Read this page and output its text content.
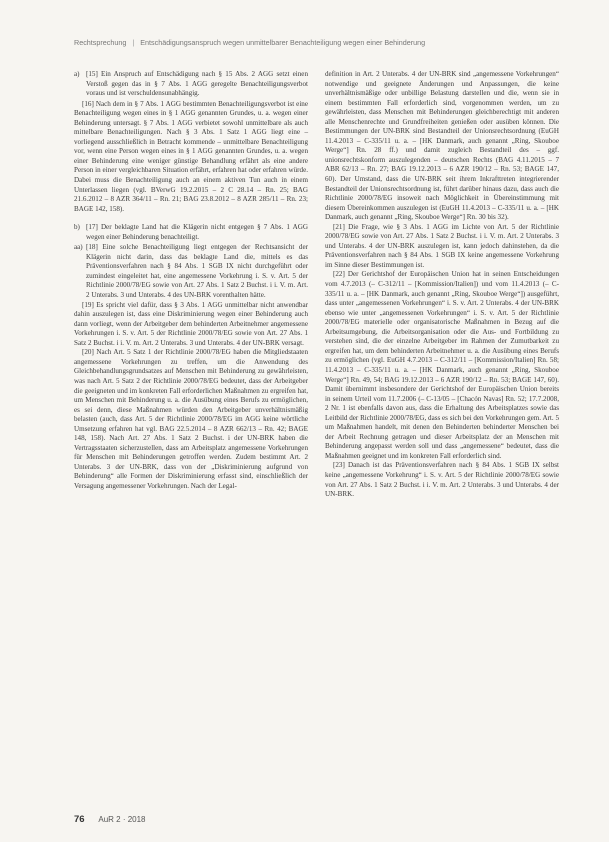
Rechtsprechung | Entschädigungsanspruch wegen unmittelbarer Benachteiligung wegen einer Behinderung

a) [15] Ein Anspruch auf Entschädigung nach § 15 Abs. 2 AGG setzt einen Verstoß gegen das in § 7 Abs. 1 AGG geregelte Benachteiligungsverbot voraus und ist verschuldensunabhängig.

[16] Nach dem in § 7 Abs. 1 AGG bestimmten Benachteiligungsverbot ist eine Benachteiligung wegen eines in § 1 AGG genannten Grundes, u. a. wegen einer Behinderung untersagt. § 7 Abs. 1 AGG verbietet sowohl unmittelbare als auch mittelbare Benachteiligungen. Nach § 3 Abs. 1 Satz 1 AGG liegt eine – vorliegend ausschließlich in Betracht kommende – unmittelbare Benachteiligung vor, wenn eine Person wegen eines in § 1 AGG genannten Grundes, u. a. wegen einer Behinderung eine weniger günstige Behandlung erfährt als eine andere Person in einer vergleichbaren Situation erfährt, erfahren hat oder erfahren würde. Dabei muss die Benachteiligung auch an einem aktiven Tun auch in einem Unterlassen liegen (vgl. BVerwG 19.2.2015 – 2 C 28.14 – Rn. 25; BAG 21.6.2012 – 8 AZR 364/11 – Rn. 21; BAG 23.8.2012 – 8 AZR 285/11 – Rn. 23; BAGE 142, 158).

b) [17] Der beklagte Land hat die Klägerin nicht entgegen § 7 Abs. 1 AGG wegen einer Behinderung benachteiligt.

aa) [18] Eine solche Benachteiligung liegt entgegen der Rechtsansicht der Klägerin nicht darin, dass das beklagte Land die, mittels es das Präventionsverfahren nach § 84 Abs. 1 SGB IX nicht durchgeführt oder zumindest eingeleitet hat, eine angemessene Vorkehrung i. S. v. Art. 5 der Richtlinie 2000/78/EG sowie von Art. 27 Abs. 1 Satz 2 Buchst. i i. V. m. Art. 2 Unterabs. 3 und Unterabs. 4 des UN-BRK vorenthalten hätte.

[19] Es spricht viel dafür, dass § 3 Abs. 1 AGG unmittelbar nicht anwendbar dahin auszulegen ist, dass eine Diskriminierung wegen einer Behinderung auch dann vorliegt, wenn der Arbeitgeber dem behinderten Arbeitnehmer angemessene Vorkehrungen i. S. v. Art. 5 der Richtlinie 2000/78/EG sowie von Art. 27 Abs. 1 Satz 2 Buchst. i i. V. m. Art. 2 Unterabs. 3 und Unterabs. 4 der UN-BRK versagt.

[20] Nach Art. 5 Satz 1 der Richtlinie 2000/78/EG haben die Mitgliedstaaten angemessene Vorkehrungen zu treffen, um die Anwendung des Gleichbehandlungsgrundsatzes auf Menschen mit Behinderung zu gewährleisten, was nach Art. 5 Satz 2 der Richtlinie 2000/78/EG bedeutet, dass der Arbeitgeber die geeigneten und im konkreten Fall erforderlichen Maßnahmen zu ergreifen hat, um Menschen mit Behinderung u. a. die Ausübung eines Berufs zu ermöglichen, es sei denn, diese Maßnahmen würden den Arbeitgeber unverhältnismäßig belasten (auch, dass Art. 5 der Richtlinie 2000/78/EG im AGG keine wörtliche Umsetzung erfahren hat vgl. BAG 22.5.2014 – 8 AZR 662/13 – Rn. 42; BAGE 148, 158). Nach Art. 27 Abs. 1 Satz 2 Buchst. i der UN-BRK haben die Vertragsstaaten sicherzustellen, dass am Arbeitsplatz angemessene Vorkehrungen für Menschen mit Behinderungen getroffen werden. Zudem bestimmt Art. 2 Unterabs. 3 der UN-BRK, dass von der „Diskriminierung aufgrund von Behinderung“ alle Formen der Diskriminierung erfasst sind, einschließlich der Versagung angemessener Vorkehrungen. Nach der Legal-

definition in Art. 2 Unterabs. 4 der UN-BRK sind „angemessene Vorkehrungen“ notwendige und geeignete Änderungen und Anpassungen, die keine unverhältnismäßige oder unbillige Belastung darstellen und die, wenn sie in einem bestimmten Fall erforderlich sind, vorgenommen werden, um zu gewährleisten, dass Menschen mit Behinderungen gleichberechtigt mit anderen alle Menschenrechte und Grundfreiheiten genießen oder ausüben können. Die Bestimmungen der UN-BRK sind Bestandteil der Unionsrechtsordnung (EuGH 11.4.2013 – C-335/11 u. a. – [HK Danmark, auch genannt „Ring, Skouboe Werge“] Rn. 28 ff.) und damit zugleich Bestandteil des – ggf. unionsrechtskonform auszulegenden – deutschen Rechts (BAG 4.11.2015 – 7 ABR 62/13 – Rn. 27; BAG 19.12.2013 – 6 AZR 190/12 – Rn. 53; BAGE 147, 60). Der Umstand, dass die UN-BRK seit ihrem Inkrafttreten integrierender Bestandteil der Unionsrechtsordnung ist, führt darüber hinaus dazu, dass auch die Richtlinie 2000/78/EG insoweit nach Möglichkeit in Übereinstimmung mit diesem Übereinkommen auszulegen ist (EuGH 11.4.2013 – C-335/11 u. a. – [HK Danmark, auch genannt „Ring, Skouboe Werge“] Rn. 30 bis 32).

[21] Die Frage, wie § 3 Abs. 1 AGG im Lichte von Art. 5 der Richtlinie 2000/78/EG sowie von Art. 27 Abs. 1 Satz 2 Buchst. i i. V. m. Art. 2 Unterabs. 3 und Unterabs. 4 der UN-BRK auszulegen ist, kann jedoch dahinstehen, da die Präventionsverfahren nach § 84 Abs. 1 SGB IX keine angemessene Vorkehrung im Sinne dieser Bestimmungen ist.

[22] Der Gerichtshof der Europäischen Union hat in seinen Entscheidungen vom 4.7.2013 (– C-312/11 – [Kommission/Italien]) und vom 11.4.2013 (– C-335/11 u. a. – [HK Danmark, auch genannt „Ring, Skouboe Werge“]) ausgeführt, dass unter „angemessenen Vorkehrungen“ i. S. v. Art. 2 Unterabs. 4 der UN-BRK ebenso wie unter „angemessenen Vorkehrungen“ i. S. v. Art. 5 der Richtlinie 2000/78/EG materielle oder organisatorische Maßnahmen in Bezug auf die Arbeitsumgebung, die Arbeitsorganisation oder die Aus- und Fortbildung zu verstehen sind, die der einzelne Arbeitgeber im Rahmen der Zumutbarkeit zu ergreifen hat, um dem behinderten Arbeitnehmer u. a. die Ausübung eines Berufs zu ermöglichen (vgl. EuGH 4.7.2013 – C-312/11 – [Kommission/Italien] Rn. 58; 11.4.2013 – C-335/11 u. a. – [HK Danmark, auch genannt „Ring, Skouboe Werge“] Rn. 49, 54; BAG 19.12.2013 – 6 AZR 190/12 – Rn. 53; BAGE 147, 60). Damit übernimmt insbesondere der Gerichtshof der Europäischen Union bereits in seinem Urteil vom 11.7.2006 (– C-13/05 – [Chacón Navas] Rn. 52; 17.7.2008, 2 Nr. 1 ist ebenfalls davon aus, dass die Erhaltung des Arbeitsplatzes sowie das Leitbild der Richtlinie 2000/78/EG, dass es sich bei den Vorkehrungen gem. Art. 5 um Maßnahmen handelt, mit denen den Behinderten behinderter Menschen bei der Arbeit Rechnung getragen und dieser Arbeitsplatz der an Menschen mit Behinderung angepasst werden soll und dass „angemessene“ bedeutet, dass die Maßnahmen geeignet und im konkreten Fall erforderlich sind.

[23] Danach ist das Präventionsverfahren nach § 84 Abs. 1 SGB IX selbst keine „angemessene Vorkehrung“ i. S. v. Art. 5 der Richtlinie 2000/78/EG sowie von Art. 27 Abs. 1 Satz 2 Buchst. i i. V. m. Art. 2 Unterabs. 3 und Unterabs. 4 der UN-BRK.

76 AuR 2 · 2018
